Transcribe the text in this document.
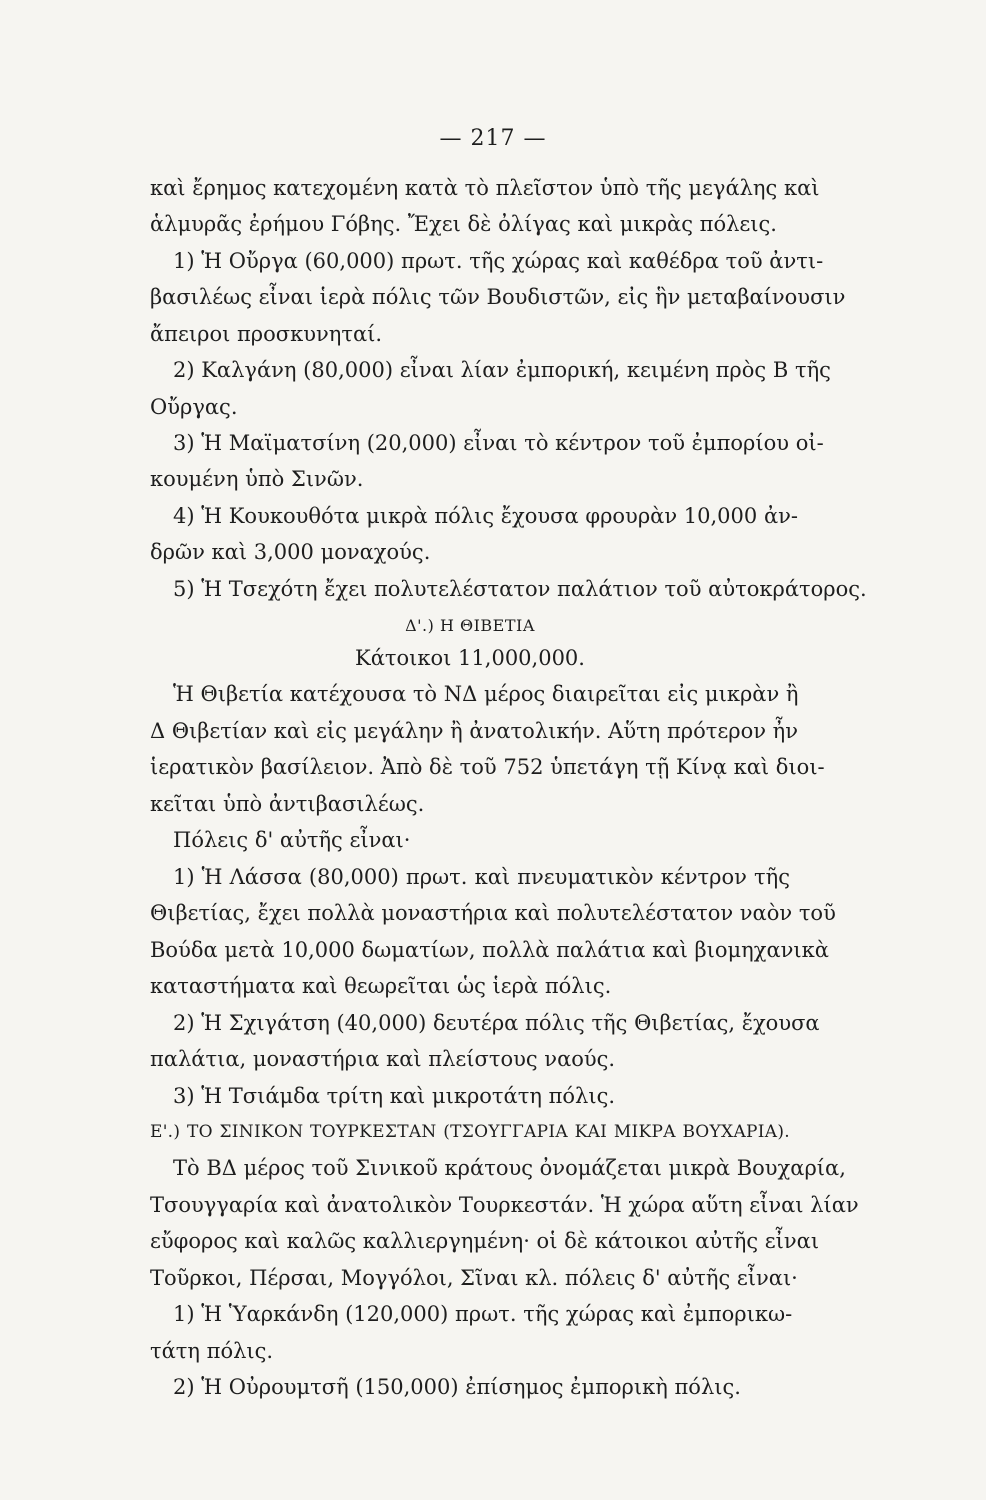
— 217 —
καὶ ἔρημος κατεχομένη κατὰ τὸ πλεῖστον ὑπὸ τῆς μεγάλης καὶ
ἁλμυρᾶς ἐρήμου Γόβης. Ἔχει δὲ ὀλίγας καὶ μικρὰς πόλεις.
1) Ἡ Οὔργα (60,000) πρωτ. τῆς χώρας καὶ καθέδρα τοῦ ἀντι-
βασιλέως εἶναι ἱερὰ πόλις τῶν Βουδιστῶν, εἰς ἣν μεταβαίνουσιν
ἄπειροι προσκυνηταί.
2) Καλγάνη (80,000) εἶναι λίαν ἐμπορική, κειμένη πρὸς Β τῆς
Οὔργας.
3) Ἡ Μαϊματσίνη (20,000) εἶναι τὸ κέντρον τοῦ ἐμπορίου οἰ-
κουμένη ὑπὸ Σινῶν.
4) Ἡ Κουκουθότα μικρὰ πόλις ἔχουσα φρουρὰν 10,000 ἀν-
δρῶν καὶ 3,000 μοναχούς.
5) Ἡ Τσεχότη ἔχει πολυτελέστατον παλάτιον τοῦ αὐτοκράτορος.
Δ'.) Η ΘΙΒΕΤΙΑ
Κάτοικοι 11,000,000.
Ἡ Θιβετία κατέχουσα τὸ ΝΔ μέρος διαιρεῖται εἰς μικρὰν ἢ
Δ Θιβετίαν καὶ εἰς μεγάλην ἢ ἀνατολικήν. Αὕτη πρότερον ἦν
ἱερατικὸν βασίλειον. Ἀπὸ δὲ τοῦ 752 ὑπετάγη τῇ Κίνᾳ καὶ διοι-
κεῖται ὑπὸ ἀντιβασιλέως.
Πόλεις δ' αὐτῆς εἶναι·
1) Ἡ Λάσσα (80,000) πρωτ. καὶ πνευματικὸν κέντρον τῆς
Θιβετίας, ἔχει πολλὰ μοναστήρια καὶ πολυτελέστατον ναὸν τοῦ
Βούδα μετὰ 10,000 δωματίων, πολλὰ παλάτια καὶ βιομηχανικὰ
καταστήματα καὶ θεωρεῖται ὡς ἱερὰ πόλις.
2) Ἡ Σχιγάτση (40,000) δευτέρα πόλις τῆς Θιβετίας, ἔχουσα
παλάτια, μοναστήρια καὶ πλείστους ναούς.
3) Ἡ Τσιάμδα τρίτη καὶ μικροτάτη πόλις.
Ε'.) ΤΟ ΣΙΝΙΚΟΝ ΤΟΥΡΚΕΣΤΑΝ (ΤΣΟΥΓΓΑΡΙΑ ΚΑΙ ΜΙΚΡΑ ΒΟΥΧΑΡΙΑ).
Τὸ ΒΔ μέρος τοῦ Σινικοῦ κράτους ὀνομάζεται μικρὰ Βουχαρία,
Τσουγγαρία καὶ ἀνατολικὸν Τουρκεστάν. Ἡ χώρα αὕτη εἶναι λίαν
εὔφορος καὶ καλῶς καλλιεργημένη· οἱ δὲ κάτοικοι αὐτῆς εἶναι
Τοῦρκοι, Πέρσαι, Μογγόλοι, Σῖναι κλ. πόλεις δ' αὐτῆς εἶναι·
1) Ἡ Ὑαρκάνδη (120,000) πρωτ. τῆς χώρας καὶ ἐμπορικω-
τάτη πόλις.
2) Ἡ Οὐρουμτσῆ (150,000) ἐπίσημος ἐμπορικὴ πόλις.
